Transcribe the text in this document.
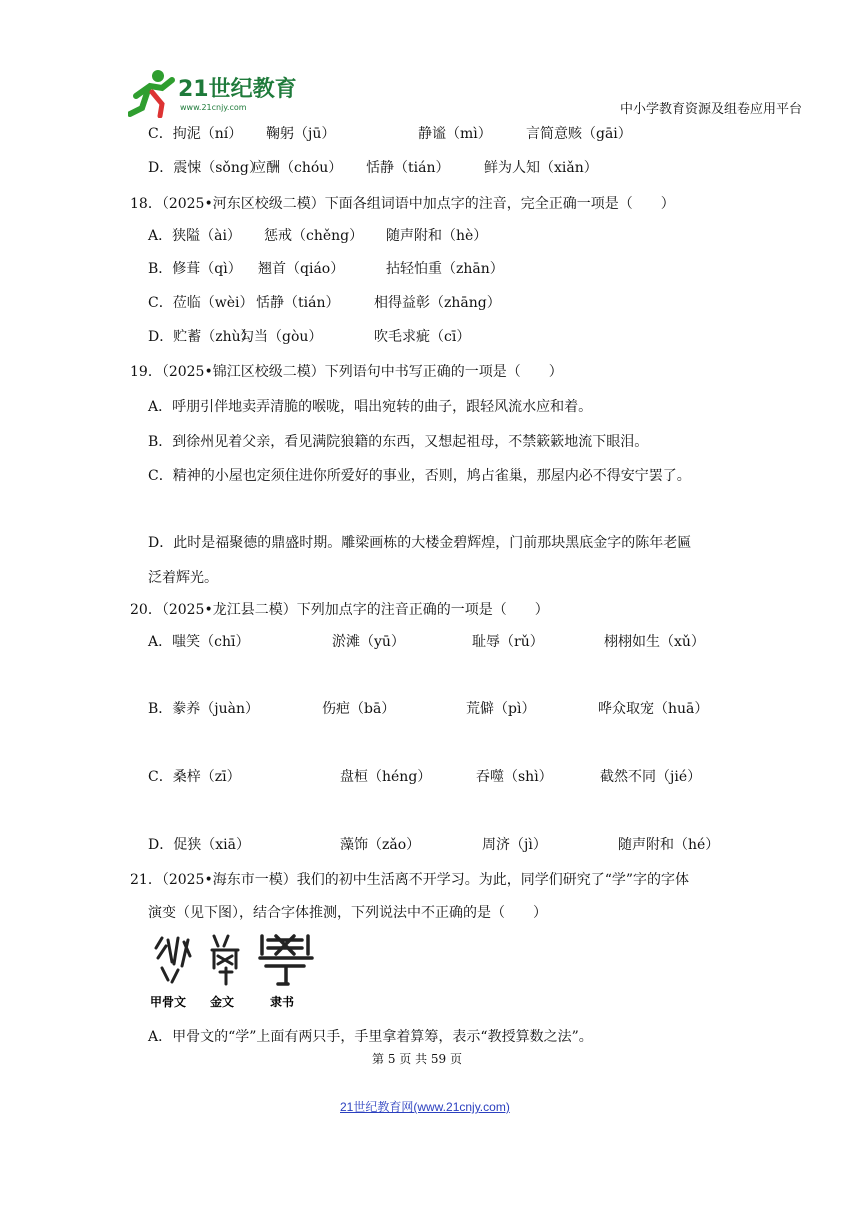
21世纪教育
www.21cnjy.com	中小学教育资源及组卷应用平台
C．拘泥（ní） 鞠躬（jū）	静谧（mì） 言简意赅（gāi）
D．震悚（sǒng）
应酬（chóu） 恬静（tián） 鲜为人知（xiǎn）
18．（2025•河东区校级二模）下面各组词语中加点字的注音，完全正确一项是（　　）
A．狭隘（ài） 惩戒（chěng） 随声附和（hè）
B．修葺（qì） 翘首（qiáo）	拈轻怕重（zhān）
C．莅临（wèi） 恬静（tián） 相得益彰（zhāng）
D．贮蓄（zhù）
勾当（gòu）	吹毛求疵（cī）
19．（2025•锦江区校级二模）下列语句中书写正确的一项是（　　）
A．呼朋引伴地卖弄清脆的喉咙，唱出宛转的曲子，跟轻风流水应和着。
B．到徐州见着父亲，看见满院狼籍的东西，又想起祖母，不禁簌簌地流下眼泪。
C．精神的小屋也定须住进你所爱好的事业，否则，鸠占雀巢，那屋内必不得安宁罢了。
D．此时是福聚德的鼎盛时期。雕梁画栋的大楼金碧辉煌，门前那块黑底金字的陈年老匾
泛着辉光。
20．（2025•龙江县二模）下列加点字的注音正确的一项是（　　）
A．嗤笑（chī）	淤滩（yū）	耻辱（rǔ）	栩栩如生（xǔ）
B．豢养（juàn）	伤疤（bā）	荒僻（pì）	哗众取宠（huā）
C．桑梓（zī）	盘桓（héng）	吞噬（shì）	截然不同（jié）
D．促狭（xiā）	藻饰（zǎo）	周济（jì）	随声附和（hé）
21．（2025•海东市一模）我们的初中生活离不开学习。为此，同学们研究了“学”字的字体
演变（见下图），结合字体推测，下列说法中不正确的是（　　）
A．甲骨文的“学”上面有两只手，手里拿着算筹，表示“教授算数之法”。
甲骨文 金文	隶书
第 5 页 共 59 页
21世纪教育网(www.21cnjy.com)
